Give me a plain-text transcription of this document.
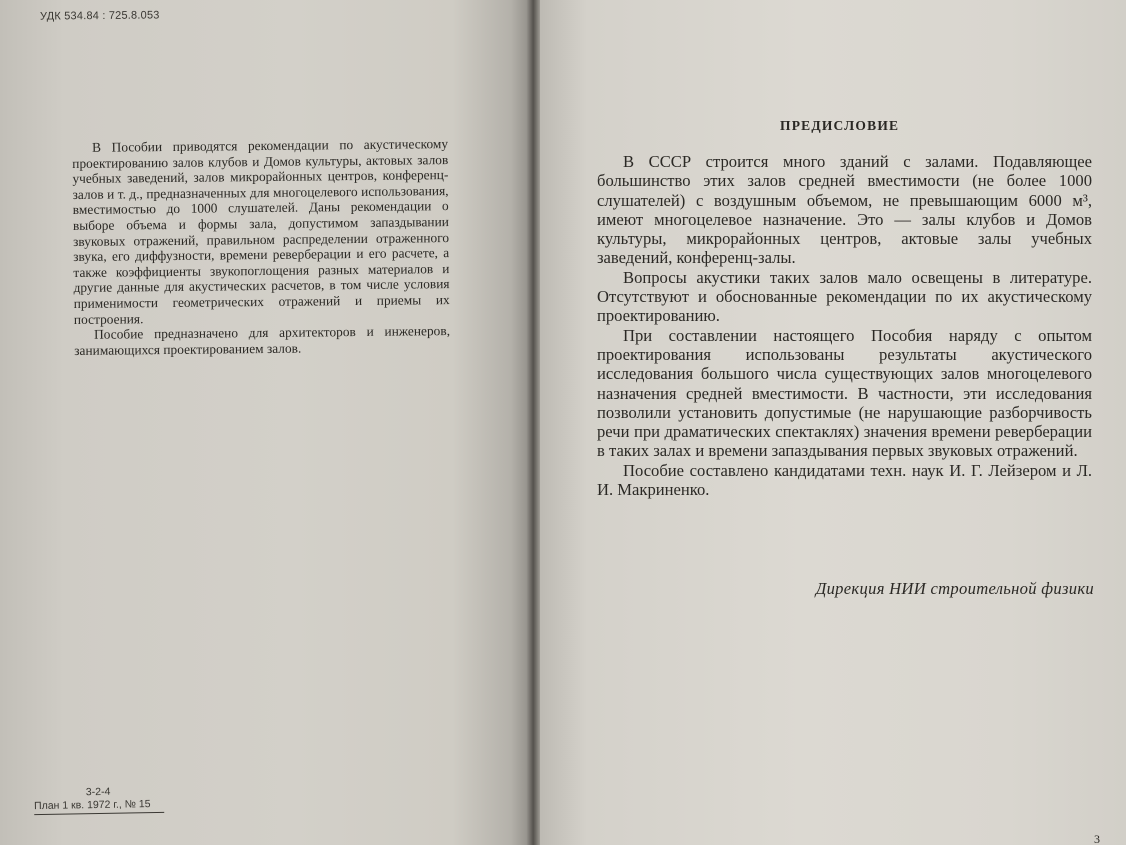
УДК 534.84 : 725.8.053

В Пособии приводятся рекомендации по акустическому проектированию залов клубов и Домов культуры, актовых залов учебных заведений, залов микрорайонных центров, конференц-залов и т. д., предназначенных для многоцелевого использования, вместимостью до 1000 слушателей. Даны рекомендации о выборе объема и формы зала, допустимом запаздывании звуковых отражений, правильном распределении отраженного звука, его диффузности, времени реверберации и его расчете, а также коэффициенты звукопоглощения разных материалов и другие данные для акустических расчетов, в том числе условия применимости геометрических отражений и приемы их построения.

Пособие предназначено для архитекторов и инженеров, занимающихся проектированием залов.

3-2-4
План 1 кв. 1972 г., № 15
ПРЕДИСЛОВИЕ

В СССР строится много зданий с залами. Подавляющее большинство этих залов средней вместимости (не более 1000 слушателей) с воздушным объемом, не превышающим 6000 м³, имеют многоцелевое назначение. Это — залы клубов и Домов культуры, микрорайонных центров, актовые залы учебных заведений, конференц-залы.

Вопросы акустики таких залов мало освещены в литературе. Отсутствуют и обоснованные рекомендации по их акустическому проектированию.

При составлении настоящего Пособия наряду с опытом проектирования использованы результаты акустического исследования большого числа существующих залов многоцелевого назначения средней вместимости. В частности, эти исследования позволили установить допустимые (не нарушающие разборчивость речи при драматических спектаклях) значения времени реверберации в таких залах и времени запаздывания первых звуковых отражений.

Пособие составлено кандидатами техн. наук И. Г. Лейзером и Л. И. Макриненко.

Дирекция НИИ строительной физики
3
